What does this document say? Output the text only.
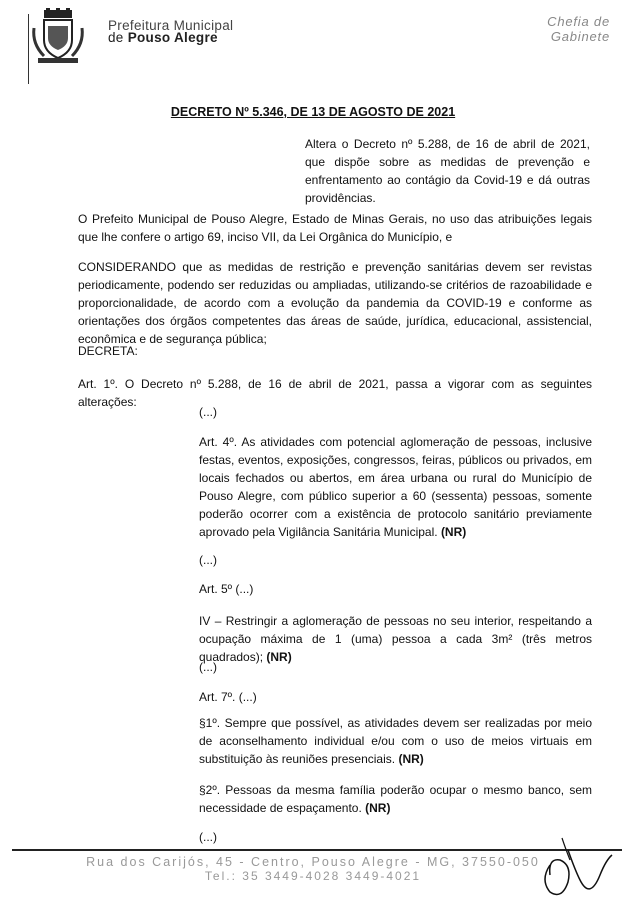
Prefeitura Municipal
de Pouso Alegre
Chefia de
Gabinete
DECRETO Nº 5.346, DE 13 DE AGOSTO DE 2021
Altera o Decreto nº 5.288, de 16 de abril de 2021, que dispõe sobre as medidas de prevenção e enfrentamento ao contágio da Covid-19 e dá outras providências.
O Prefeito Municipal de Pouso Alegre, Estado de Minas Gerais, no uso das atribuições legais que lhe confere o artigo 69, inciso VII, da Lei Orgânica do Município, e
CONSIDERANDO que as medidas de restrição e prevenção sanitárias devem ser revistas periodicamente, podendo ser reduzidas ou ampliadas, utilizando-se critérios de razoabilidade e proporcionalidade, de acordo com a evolução da pandemia da COVID-19 e conforme as orientações dos órgãos competentes das áreas de saúde, jurídica, educacional, assistencial, econômica e de segurança pública;
DECRETA:
Art. 1º. O Decreto nº 5.288, de 16 de abril de 2021, passa a vigorar com as seguintes alterações:
(...)
Art. 4º. As atividades com potencial aglomeração de pessoas, inclusive festas, eventos, exposições, congressos, feiras, públicos ou privados, em locais fechados ou abertos, em área urbana ou rural do Município de Pouso Alegre, com público superior a 60 (sessenta) pessoas, somente poderão ocorrer com a existência de protocolo sanitário previamente aprovado pela Vigilância Sanitária Municipal. (NR)
(...)
Art. 5º (...)
IV – Restringir a aglomeração de pessoas no seu interior, respeitando a ocupação máxima de 1 (uma) pessoa a cada 3m² (três metros quadrados); (NR)
(...)
Art. 7º. (...)
§1º. Sempre que possível, as atividades devem ser realizadas por meio de aconselhamento individual e/ou com o uso de meios virtuais em substituição às reuniões presenciais. (NR)
§2º. Pessoas da mesma família poderão ocupar o mesmo banco, sem necessidade de espaçamento. (NR)
(...)
Rua dos Carijós, 45 - Centro, Pouso Alegre - MG, 37550-050
Tel.: 35 3449-4028 3449-4021
